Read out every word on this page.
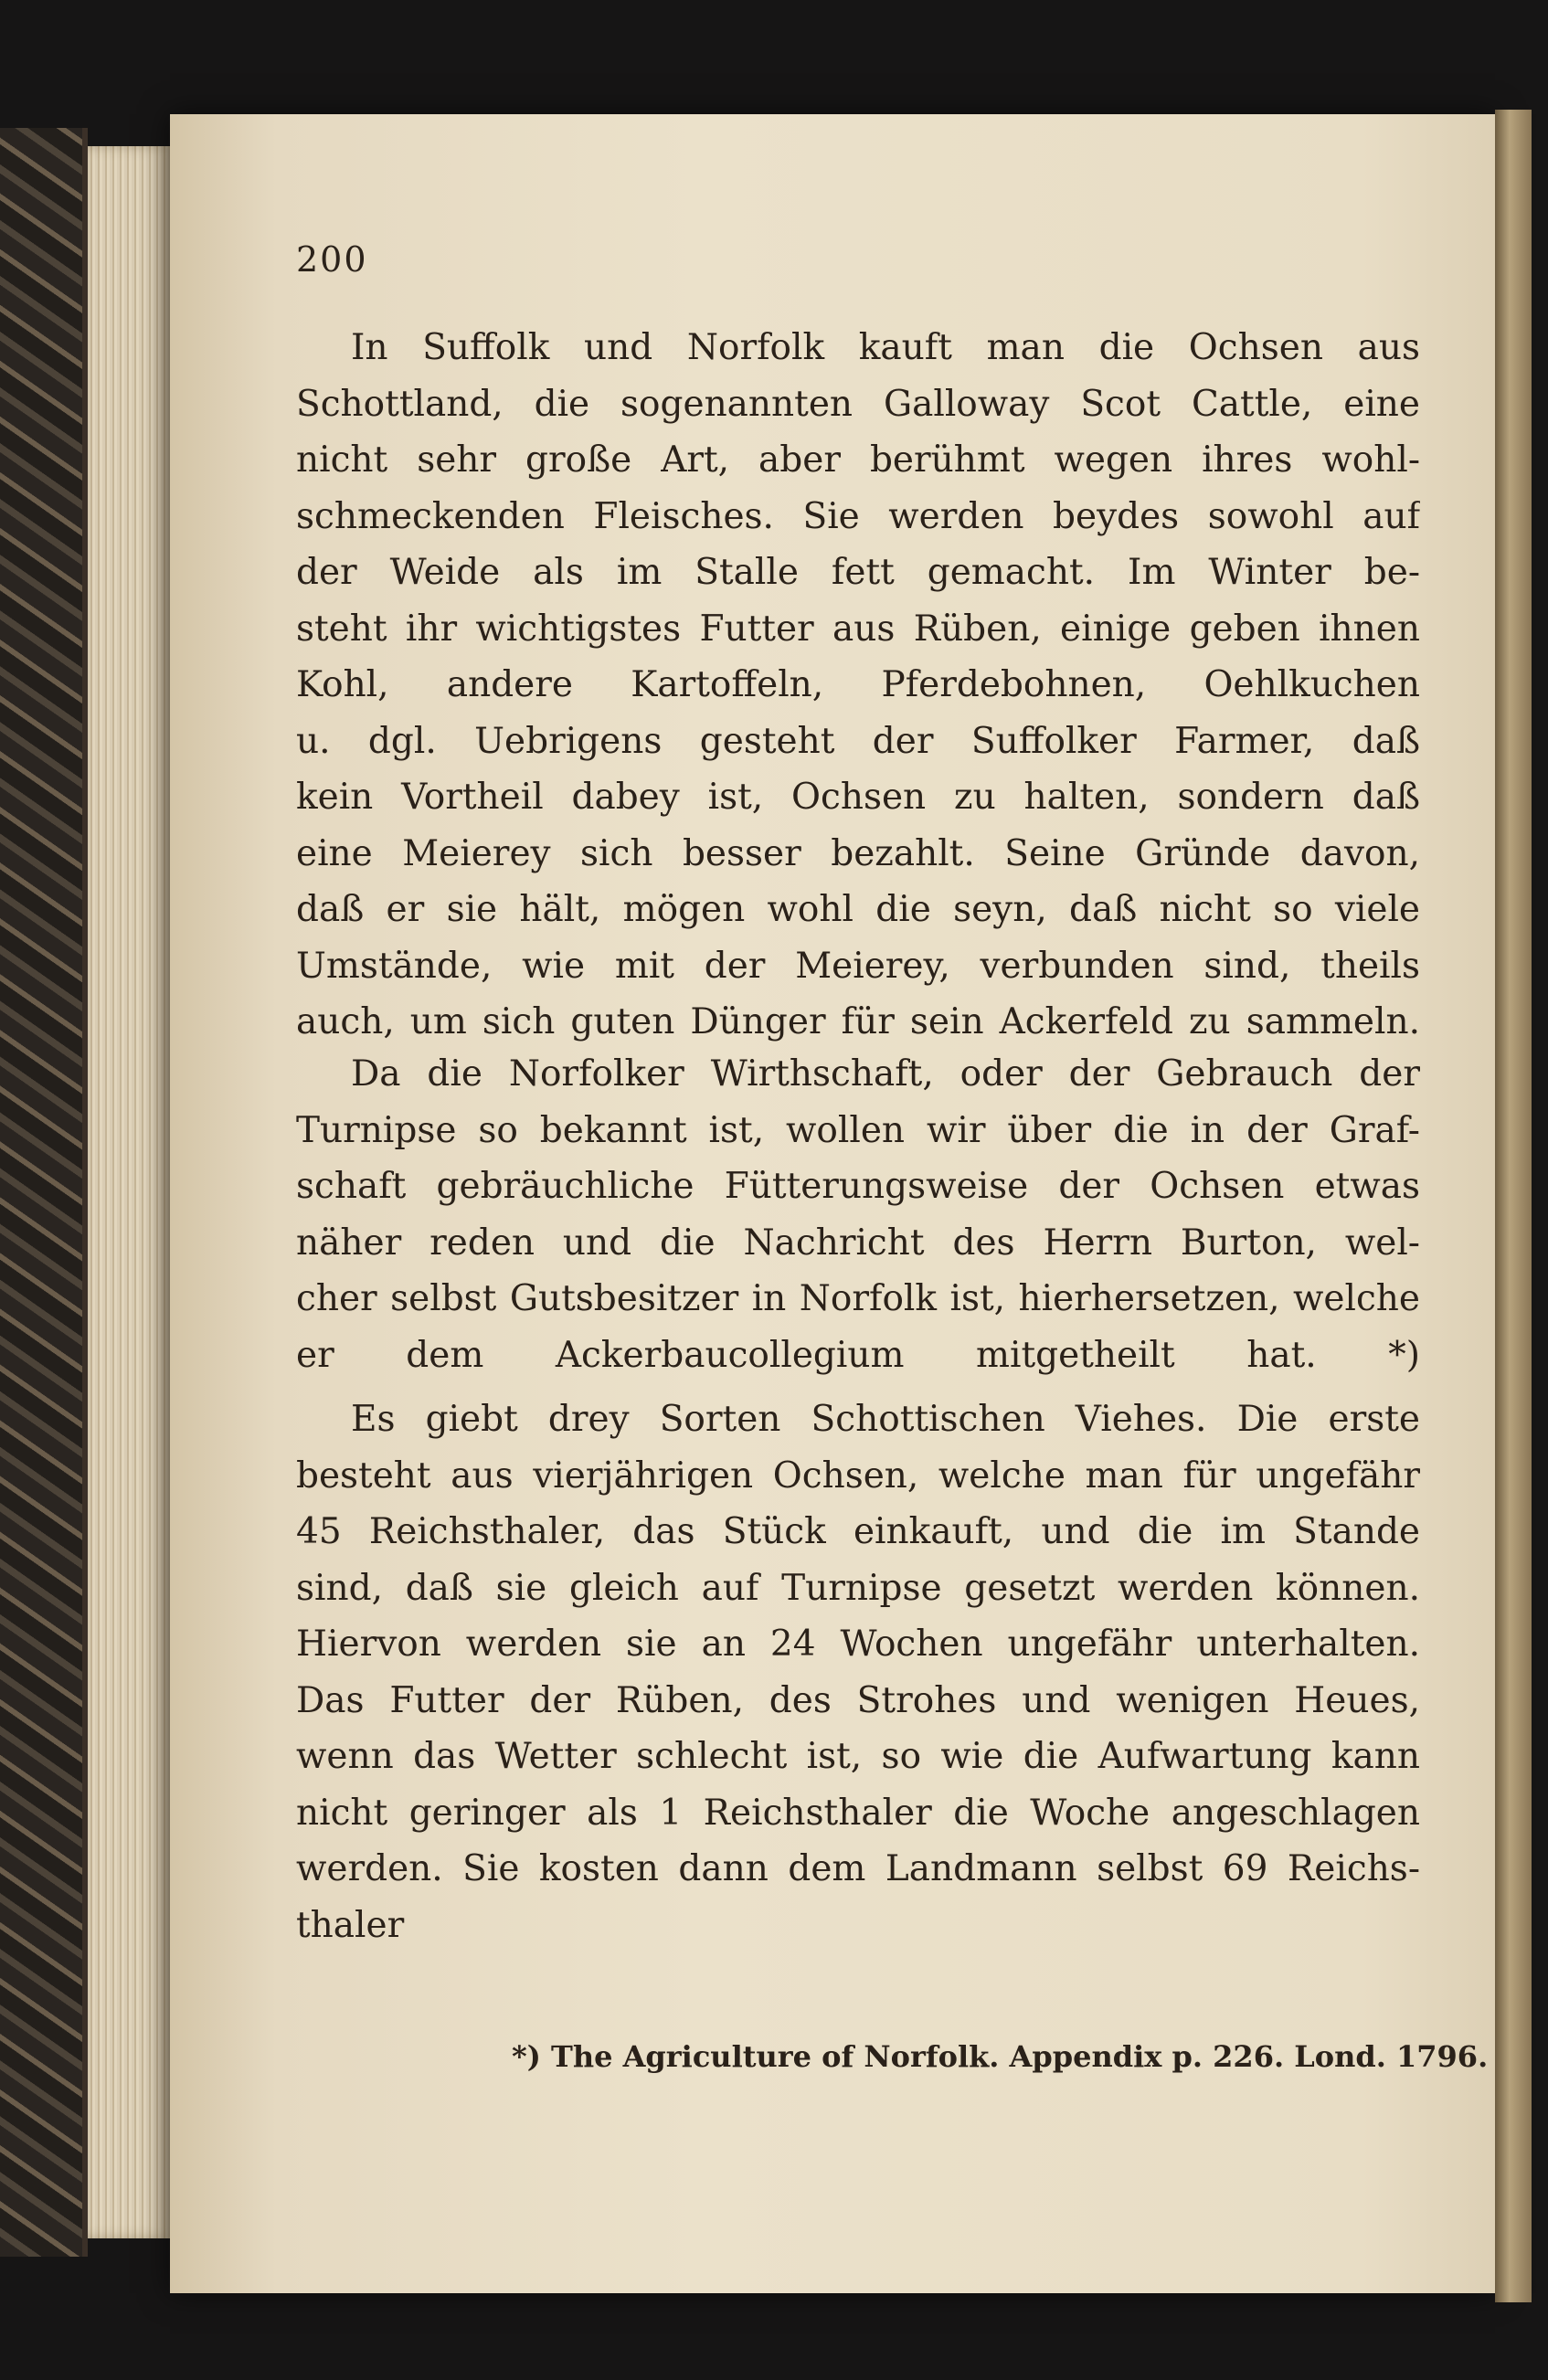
200
In Suffolk und Norfolk kauft man die Ochsen aus
Schottland, die sogenannten Galloway Scot Cattle, eine
nicht sehr große Art, aber berühmt wegen ihres wohl-
schmeckenden Fleisches. Sie werden beydes sowohl auf
der Weide als im Stalle fett gemacht. Im Winter be-
steht ihr wichtigstes Futter aus Rüben, einige geben ihnen
Kohl, andere Kartoffeln, Pferdebohnen, Oehlkuchen
u. dgl. Uebrigens gesteht der Suffolker Farmer, daß
kein Vortheil dabey ist, Ochsen zu halten, sondern daß
eine Meierey sich besser bezahlt. Seine Gründe davon,
daß er sie hält, mögen wohl die seyn, daß nicht so viele
Umstände, wie mit der Meierey, verbunden sind, theils
auch, um sich guten Dünger für sein Ackerfeld zu sammeln.
Da die Norfolker Wirthschaft, oder der Gebrauch der
Turnipse so bekannt ist, wollen wir über die in der Graf-
schaft gebräuchliche Fütterungsweise der Ochsen etwas
näher reden und die Nachricht des Herrn Burton, wel-
cher selbst Gutsbesitzer in Norfolk ist, hierhersetzen, welche
er dem Ackerbaucollegium mitgetheilt hat. *)
Es giebt drey Sorten Schottischen Viehes. Die erste
besteht aus vierjährigen Ochsen, welche man für ungefähr
45 Reichsthaler, das Stück einkauft, und die im Stande
sind, daß sie gleich auf Turnipse gesetzt werden können.
Hiervon werden sie an 24 Wochen ungefähr unterhalten.
Das Futter der Rüben, des Strohes und wenigen Heues,
wenn das Wetter schlecht ist, so wie die Aufwartung kann
nicht geringer als 1 Reichsthaler die Woche angeschlagen
werden. Sie kosten dann dem Landmann selbst 69 Reichs-
thaler
*) The Agriculture of Norfolk. Appendix p. 226. Lond. 1796.
